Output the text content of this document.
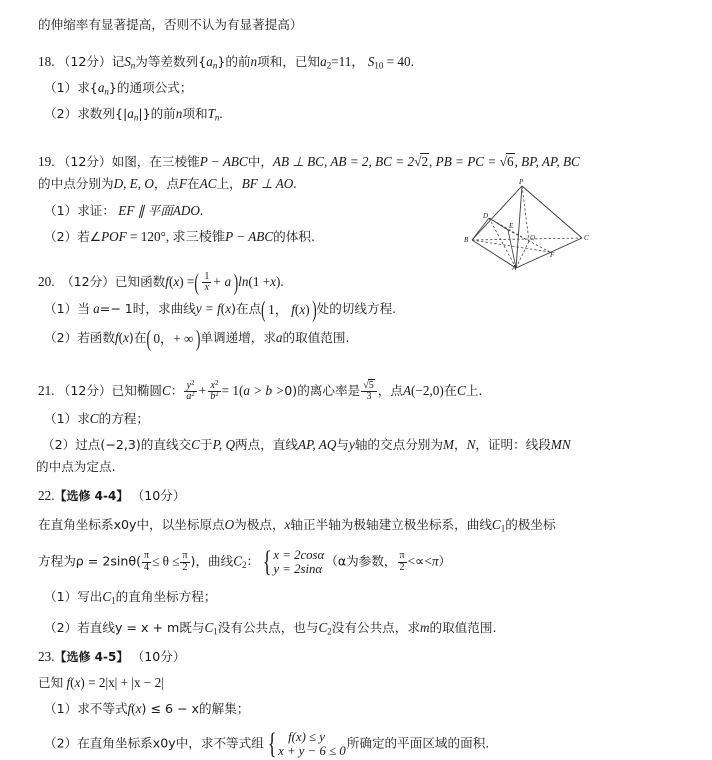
的伸缩率有显著提高，否则不认为有显著提高）
18. （12分）记$S_n$为等差数列$\{a_n\}$的前n项和，已知$a_2=11$， $S_{10} = 40$.
（1）求$\{a_n\}$的通项公式；
（2）求数列$\{|a_n|\}$的前n项和$T_n$.
19. （12分）如图，在三棱锥P − ABC中，AB ⊥ BC, AB = 2, BC = 2√2, PB = PC = √6, BP, AP, BC
的中点分别为D, E, O，点F在AC上，BF ⊥ AO.
（1）求证： EF ∥ 平面ADO.
（2）若∠POF = 120°, 求三棱锥P − ABC的体积.
P
B	C
A
D
E
O
F
20. （12分）已知函数f(x) = ( $\frac{1}{x} + a$ ) ln(1 +x).
（1）当 a=− 1时，求曲线y = f(x)在点 ( 1， f(x) ) 处的切线方程.
（2）若函数f(x)在 ( 0，+ ∞ ) 单调递增，求a的取值范围.
21. （12分）已知椭圆C： $\frac{y^2}{a^2} + \frac{x^2}{b^2} = 1(a > b >0)$的离心率是 $\frac{√5}{3}$ ，点A(−2,0)在C上.
（1）求C的方程；
（2）过点(−2,3)的直线交C于P, Q两点，直线AP, AQ与y轴的交点分别为M，N，证明：线段MN
的中点为定点.
22.【选修 4-4】 （10分）
在直角坐标系x0y中，以坐标原点O为极点，x轴正半轴为极轴建立极坐标系，曲线$C_1$的极坐标
方程为$\rho = 2\sin\theta( \frac{\pi}{4} \le \theta \le \frac{\pi}{2}$ )，曲线$C_2$： { x = 2cosα
y = 2sinα
（α为参数， $\frac{\pi}{2} <\propto<\pi$）
（1）写出$C_1$的直角坐标方程；
（2）若直线y = x + m既与$C_1$没有公共点，也与$C_2$没有公共点，求m的取值范围.
23.【选修 4-5】 （10分）
已知 f(x) = 2|x| + |x − 2|
（1）求不等式f(x) ≤ 6 − x的解集；
（2）在直角坐标系x0y中，求不等式组 { f(x) ≤ y
x + y − 6 ≤ 0
所确定的平面区域的面积.
